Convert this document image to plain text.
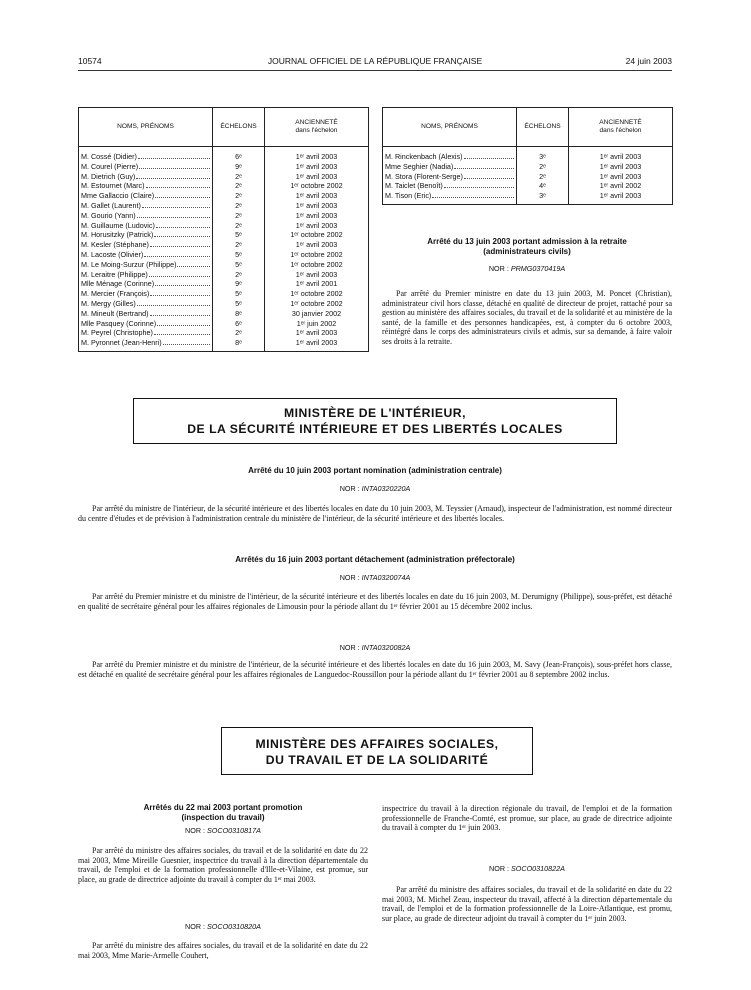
10574	JOURNAL OFFICIEL DE LA RÉPUBLIQUE FRANÇAISE	24 juin 2003
NOMS, PRÉNOMS	ÉCHELONS	ANCIENNETÉ
dans l'échelon

M. Cossé (Didier)	6ᵉ	1ᵉʳ avril 2003

M. Courel (Pierre)	9ᵉ	1ᵉʳ avril 2003

M. Dietrich (Guy)	2ᵉ	1ᵉʳ avril 2003

M. Estournet (Marc)	2ᵉ	1ᵉʳ octobre 2002

Mme Gallaccio (Claire)	2ᵉ	1ᵉʳ avril 2003

M. Gallet (Laurent)	2ᵉ	1ᵉʳ avril 2003

M. Gourio (Yann)	2ᵉ	1ᵉʳ avril 2003

M. Guillaume (Ludovic)	2ᵉ	1ᵉʳ avril 2003

M. Horusitzky (Patrick)	5ᵉ	1ᵉʳ octobre 2002

M. Kesler (Stéphane)	2ᵉ	1ᵉʳ avril 2003

M. Lacoste (Olivier)	5ᵉ	1ᵉʳ octobre 2002

M. Le Moing-Surzur (Philippe)	5ᵉ	1ᵉʳ octobre 2002

M. Leraitre (Philippe)	2ᵉ	1ᵉʳ avril 2003

Mlle Ménage (Corinne)	9ᵉ	1ᵉʳ avril 2001

M. Mercier (François)	5ᵉ	1ᵉʳ octobre 2002

M. Mergy (Gilles)	5ᵉ	1ᵉʳ octobre 2002

M. Mineult (Bertrand)	8ᵉ	30 janvier 2002

Mlle Pasquey (Corinne)	6ᵉ	1ᵉʳ juin 2002

M. Peyrel (Christophe)	2ᵉ	1ᵉʳ avril 2003

M. Pyronnet (Jean-Henri)	8ᵉ	1ᵉʳ avril 2003

NOMS, PRÉNOMS	ÉCHELONS	ANCIENNETÉ
dans l'échelon

M. Rinckenbach (Alexis)	3ᵉ	1ᵉʳ avril 2003

Mme Seghier (Nadia)	2ᵉ	1ᵉʳ avril 2003

M. Stora (Florent-Serge)	2ᵉ	1ᵉʳ avril 2003

M. Taiclet (Benoît)	4ᵉ	1ᵉʳ avril 2002

M. Tison (Eric)	3ᵉ	1ᵉʳ avril 2003

Arrêté du 13 juin 2003 portant admission à la retraite
(administrateurs civils)
NOR : PRMG0370419A

Par arrêté du Premier ministre en date du 13 juin 2003, M. Poncet (Christian), administrateur civil hors classe, détaché en qualité de directeur de projet, rattaché pour sa gestion au ministère des affaires sociales, du travail et de la solidarité et au ministère de la santé, de la famille et des personnes handicapées, est, à compter du 6 octobre 2003, réintégré dans le corps des administrateurs civils et admis, sur sa demande, à faire valoir ses droits à la retraite.

MINISTÈRE DE L'INTÉRIEUR,
DE LA SÉCURITÉ INTÉRIEURE ET DES LIBERTÉS LOCALES
Arrêté du 10 juin 2003 portant nomination (administration centrale)
NOR : INTA0320220A

Par arrêté du ministre de l'intérieur, de la sécurité intérieure et des libertés locales en date du 10 juin 2003, M. Teyssier (Arnaud), inspecteur de l'administration, est nommé directeur du centre d'études et de prévision à l'administration centrale du ministère de l'intérieur, de la sécurité intérieure et des libertés locales.

Arrêtés du 16 juin 2003 portant détachement (administration préfectorale)
NOR : INTA0320074A

Par arrêté du Premier ministre et du ministre de l'intérieur, de la sécurité intérieure et des libertés locales en date du 16 juin 2003, M. Derumigny (Philippe), sous-préfet, est détaché en qualité de secrétaire général pour les affaires régionales de Limousin pour la période allant du 1ᵉʳ février 2001 au 15 décembre 2002 inclus.

NOR : INTA0320082A

Par arrêté du Premier ministre et du ministre de l'intérieur, de la sécurité intérieure et des libertés locales en date du 16 juin 2003, M. Savy (Jean-François), sous-préfet hors classe, est détaché en qualité de secrétaire général pour les affaires régionales de Languedoc-Roussillon pour la période allant du 1ᵉʳ février 2001 au 8 septembre 2002 inclus.

MINISTÈRE DES AFFAIRES SOCIALES,
DU TRAVAIL ET DE LA SOLIDARITÉ
Arrêtés du 22 mai 2003 portant promotion
(inspection du travail)
NOR : SOCO0310817A

Par arrêté du ministre des affaires sociales, du travail et de la solidarité en date du 22 mai 2003, Mme Mireille Guesnier, inspectrice du travail à la direction départementale du travail, de l'emploi et de la formation professionnelle d'Ille-et-Vilaine, est promue, sur place, au grade de directrice adjointe du travail à compter du 1ᵉʳ mai 2003.

NOR : SOCO0310820A

Par arrêté du ministre des affaires sociales, du travail et de la solidarité en date du 22 mai 2003, Mme Marie-Armelle Couhert,

inspectrice du travail à la direction régionale du travail, de l'emploi et de la formation professionnelle de Franche-Comté, est promue, sur place, au grade de directrice adjointe du travail à compter du 1ᵉʳ juin 2003.

NOR : SOCO0310822A

Par arrêté du ministre des affaires sociales, du travail et de la solidarité en date du 22 mai 2003, M. Michel Zeau, inspecteur du travail, affecté à la direction départementale du travail, de l'emploi et de la formation professionnelle de la Loire-Atlantique, est promu, sur place, au grade de directeur adjoint du travail à compter du 1ᵉʳ juin 2003.
